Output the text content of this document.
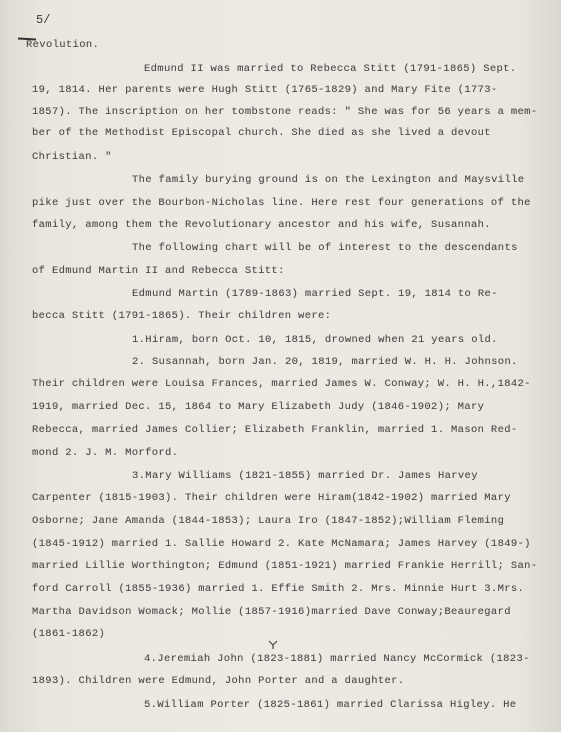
5/
Revolution.
Edmund II was married to Rebecca Stitt (1791-1865) Sept.
19, 1814. Her parents were Hugh Stitt (1765-1829) and Mary Fite (1773-
1857). The inscription on her tombstone reads: " She was for 56 years a mem-
ber of the Methodist Episcopal church. She died as she lived a devout
Christian. "
The family burying ground is on the Lexington and Maysville
pike just over the Bourbon-Nicholas line. Here rest four generations of the
family, among them the Revolutionary ancestor and his wife, Susannah.
The following chart will be of interest to the descendants
of Edmund Martin II and Rebecca Stitt:
Edmund Martin (1789-1863) married Sept. 19, 1814 to Re-
becca Stitt (1791-1865). Their children were:
1.Hiram, born Oct. 10, 1815, drowned when 21 years old.
2. Susannah, born Jan. 20, 1819, married W. H. H. Johnson.
Their children were Louisa Frances, married James W. Conway; W. H. H.,1842-
1919, married Dec. 15, 1864 to Mary Elizabeth Judy (1846-1902); Mary
Rebecca, married James Collier; Elizabeth Franklin, married 1. Mason Red-
mond 2. J. M. Morford.
3.Mary Williams (1821-1855) married Dr. James Harvey
Carpenter (1815-1903). Their children were Hiram(1842-1902) married Mary
Osborne; Jane Amanda (1844-1853); Laura Iro (1847-1852);William Fleming
(1845-1912) married 1. Sallie Howard 2. Kate McNamara; James Harvey (1849-)
married Lillie Worthington; Edmund (1851-1921) married Frankie Herrill; San-
ford Carroll (1855-1936) married 1. Effie Smith 2. Mrs. Minnie Hurt 3.Mrs.
Martha Davidson Womack; Mollie (1857-1916)married Dave Conway;Beauregard
(1861-1862)
4.Jeremiah John (1823-1881) married Nancy McCormick (1823-
1893). Children were Edmund, John Porter and a daughter.
5.William Porter (1825-1861) married Clarissa Higley. He
